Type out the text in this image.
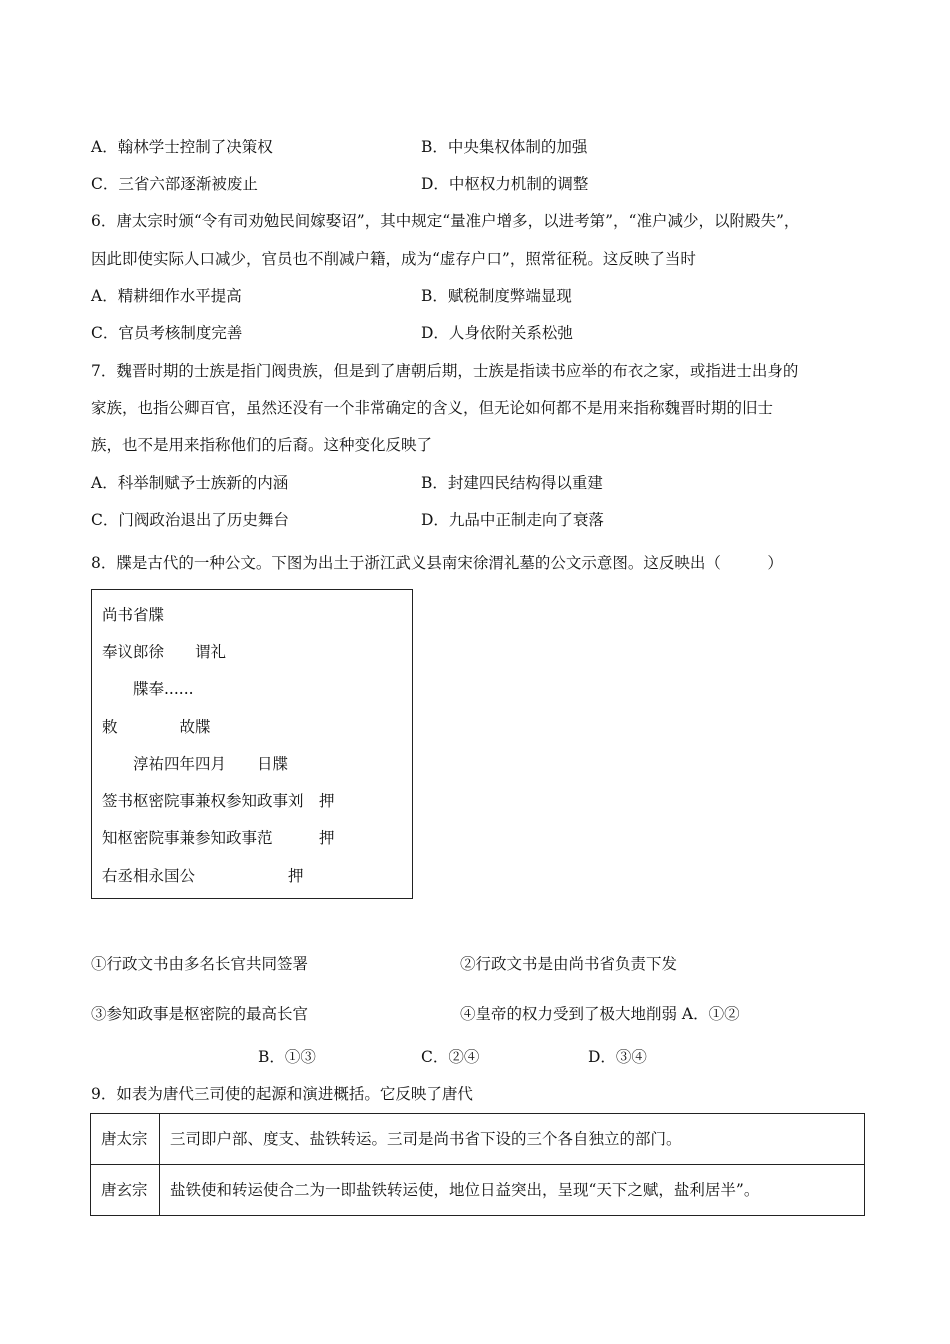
A．翰林学士控制了决策权	B．中央集权体制的加强
C．三省六部逐渐被废止	D．中枢权力机制的调整
6．唐太宗时颁“令有司劝勉民间嫁娶诏”，其中规定“量准户增多，以进考第”，“准户减少，以附殿失”，
因此即使实际人口减少，官员也不削减户籍，成为“虚存户口”，照常征税。这反映了当时
A．精耕细作水平提高	B．赋税制度弊端显现
C．官员考核制度完善	D．人身依附关系松弛
7．魏晋时期的士族是指门阀贵族，但是到了唐朝后期，士族是指读书应举的布衣之家，或指进士出身的
家族，也指公卿百官，虽然还没有一个非常确定的含义，但无论如何都不是用来指称魏晋时期的旧士
族，也不是用来指称他们的后裔。这种变化反映了
A．科举制赋予士族新的内涵	B．封建四民结构得以重建
C．门阀政治退出了历史舞台	D．九品中正制走向了衰落
8．牒是古代的一种公文。下图为出土于浙江武义县南宋徐渭礼墓的公文示意图。这反映出（　　　）
尚书省牒
奉议郎徐　　谓礼
　　牒奉......
敕　　　　故牒
　　淳祐四年四月　　日牒
签书枢密院事兼权参知政事刘　押
知枢密院事兼参知政事范　　　押
右丞相永国公　　　　　　押
①行政文书由多名长官共同签署	②行政文书是由尚书省负责下发
③参知政事是枢密院的最高长官	④皇帝的权力受到了极大地削弱 A．①②
B．①③	C．②④	D．③④
9．如表为唐代三司使的起源和演进概括。它反映了唐代
唐太宗	三司即户部、度支、盐铁转运。三司是尚书省下设的三个各自独立的部门。
唐玄宗	盐铁使和转运使合二为一即盐铁转运使，地位日益突出，呈现“天下之赋，盐利居半”。
